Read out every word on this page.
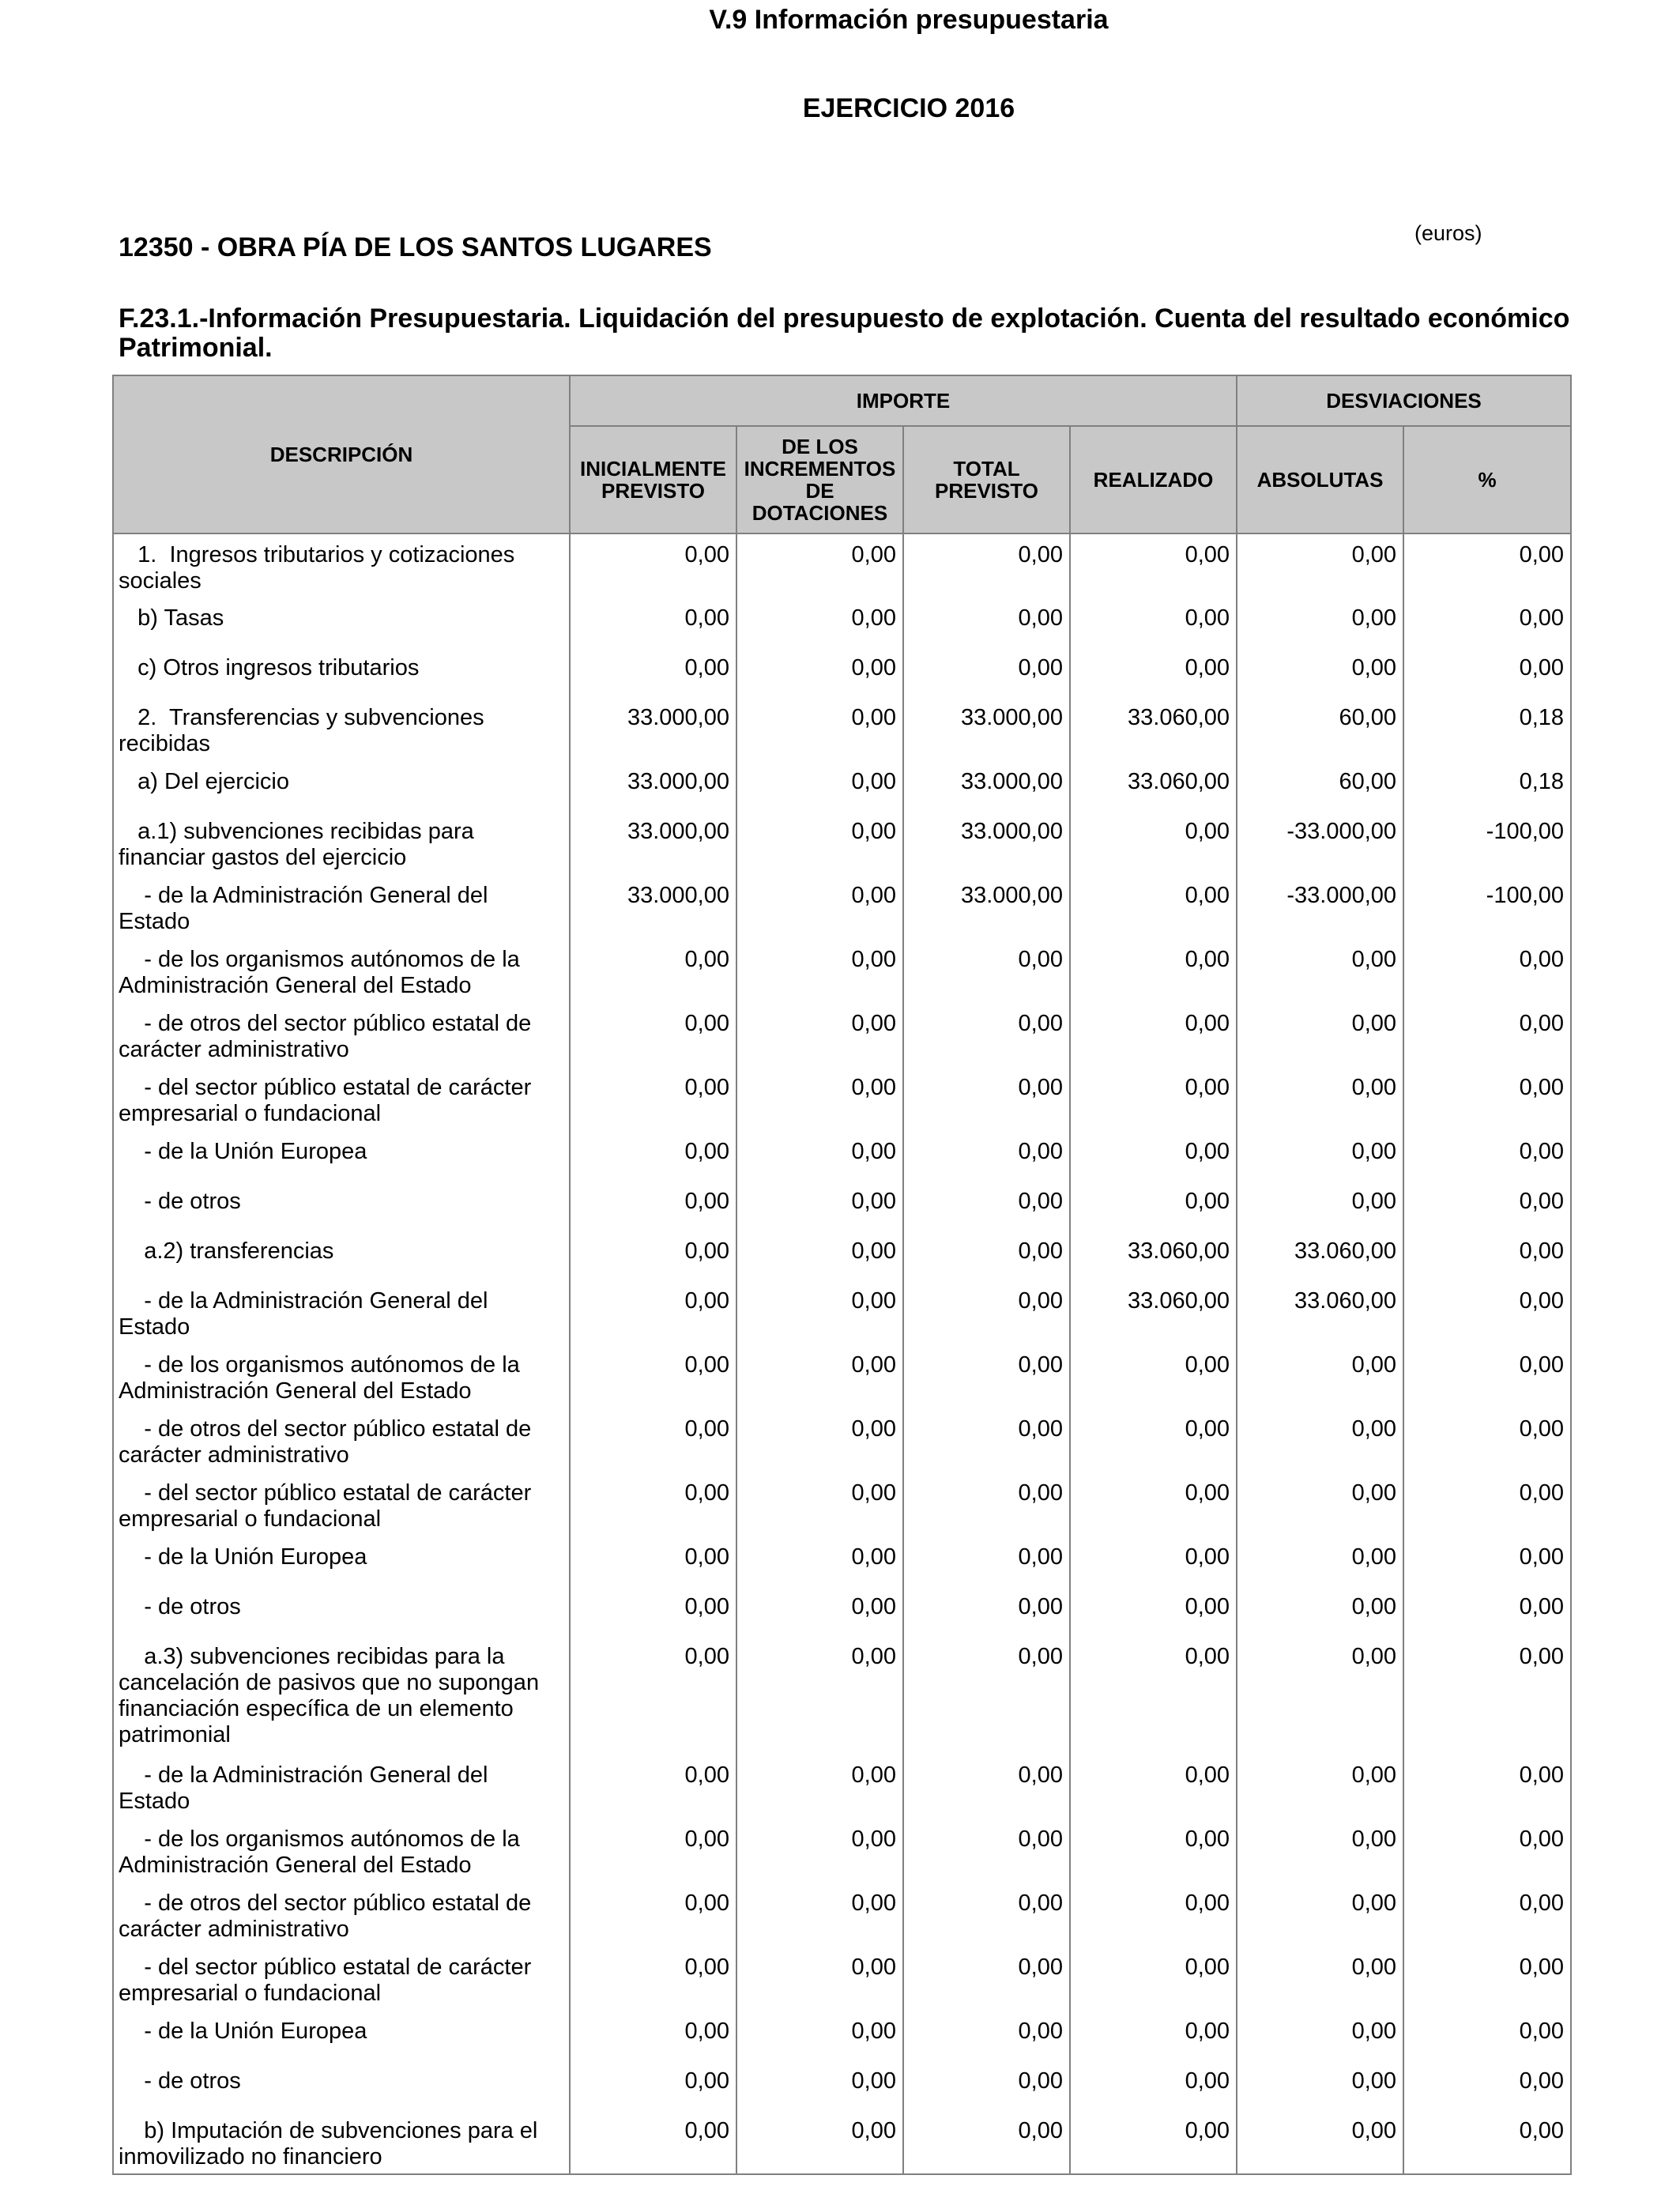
V.9 Información presupuestaria
EJERCICIO 2016
(euros)
12350 - OBRA PÍA DE LOS SANTOS LUGARES
F.23.1.-Información Presupuestaria. Liquidación del presupuesto de explotación. Cuenta del resultado económico Patrimonial.
DESCRIPCIÓN	IMPORTE				DESVIACIONES	
	INICIALMENTE PREVISTO	DE LOS INCREMENTOS DE DOTACIONES	TOTAL PREVISTO	REALIZADO	ABSOLUTAS	%
1.  Ingresos tributarios y cotizaciones sociales	0,00	0,00	0,00	0,00	0,00	0,00
b) Tasas	0,00	0,00	0,00	0,00	0,00	0,00
c) Otros ingresos tributarios	0,00	0,00	0,00	0,00	0,00	0,00
2.  Transferencias y subvenciones recibidas	33.000,00	0,00	33.000,00	33.060,00	60,00	0,18
a) Del ejercicio	33.000,00	0,00	33.000,00	33.060,00	60,00	0,18
a.1) subvenciones recibidas para financiar gastos del ejercicio	33.000,00	0,00	33.000,00	0,00	-33.000,00	-100,00
- de la Administración General del Estado	33.000,00	0,00	33.000,00	0,00	-33.000,00	-100,00
- de los organismos autónomos de la Administración General del Estado	0,00	0,00	0,00	0,00	0,00	0,00
- de otros del sector público estatal de carácter administrativo	0,00	0,00	0,00	0,00	0,00	0,00
- del sector público estatal de carácter empresarial o fundacional	0,00	0,00	0,00	0,00	0,00	0,00
- de la Unión Europea	0,00	0,00	0,00	0,00	0,00	0,00
- de otros	0,00	0,00	0,00	0,00	0,00	0,00
a.2) transferencias	0,00	0,00	0,00	33.060,00	33.060,00	0,00
- de la Administración General del Estado	0,00	0,00	0,00	33.060,00	33.060,00	0,00
- de los organismos autónomos de la Administración General del Estado	0,00	0,00	0,00	0,00	0,00	0,00
- de otros del sector público estatal de carácter administrativo	0,00	0,00	0,00	0,00	0,00	0,00
- del sector público estatal de carácter empresarial o fundacional	0,00	0,00	0,00	0,00	0,00	0,00
- de la Unión Europea	0,00	0,00	0,00	0,00	0,00	0,00
- de otros	0,00	0,00	0,00	0,00	0,00	0,00
a.3) subvenciones recibidas para la cancelación de pasivos que no supongan financiación específica de un elemento patrimonial	0,00	0,00	0,00	0,00	0,00	0,00
- de la Administración General del Estado	0,00	0,00	0,00	0,00	0,00	0,00
- de los organismos autónomos de la Administración General del Estado	0,00	0,00	0,00	0,00	0,00	0,00
- de otros del sector público estatal de carácter administrativo	0,00	0,00	0,00	0,00	0,00	0,00
- del sector público estatal de carácter empresarial o fundacional	0,00	0,00	0,00	0,00	0,00	0,00
- de la Unión Europea	0,00	0,00	0,00	0,00	0,00	0,00
- de otros	0,00	0,00	0,00	0,00	0,00	0,00
b) Imputación de subvenciones para el inmovilizado no financiero	0,00	0,00	0,00	0,00	0,00	0,00
